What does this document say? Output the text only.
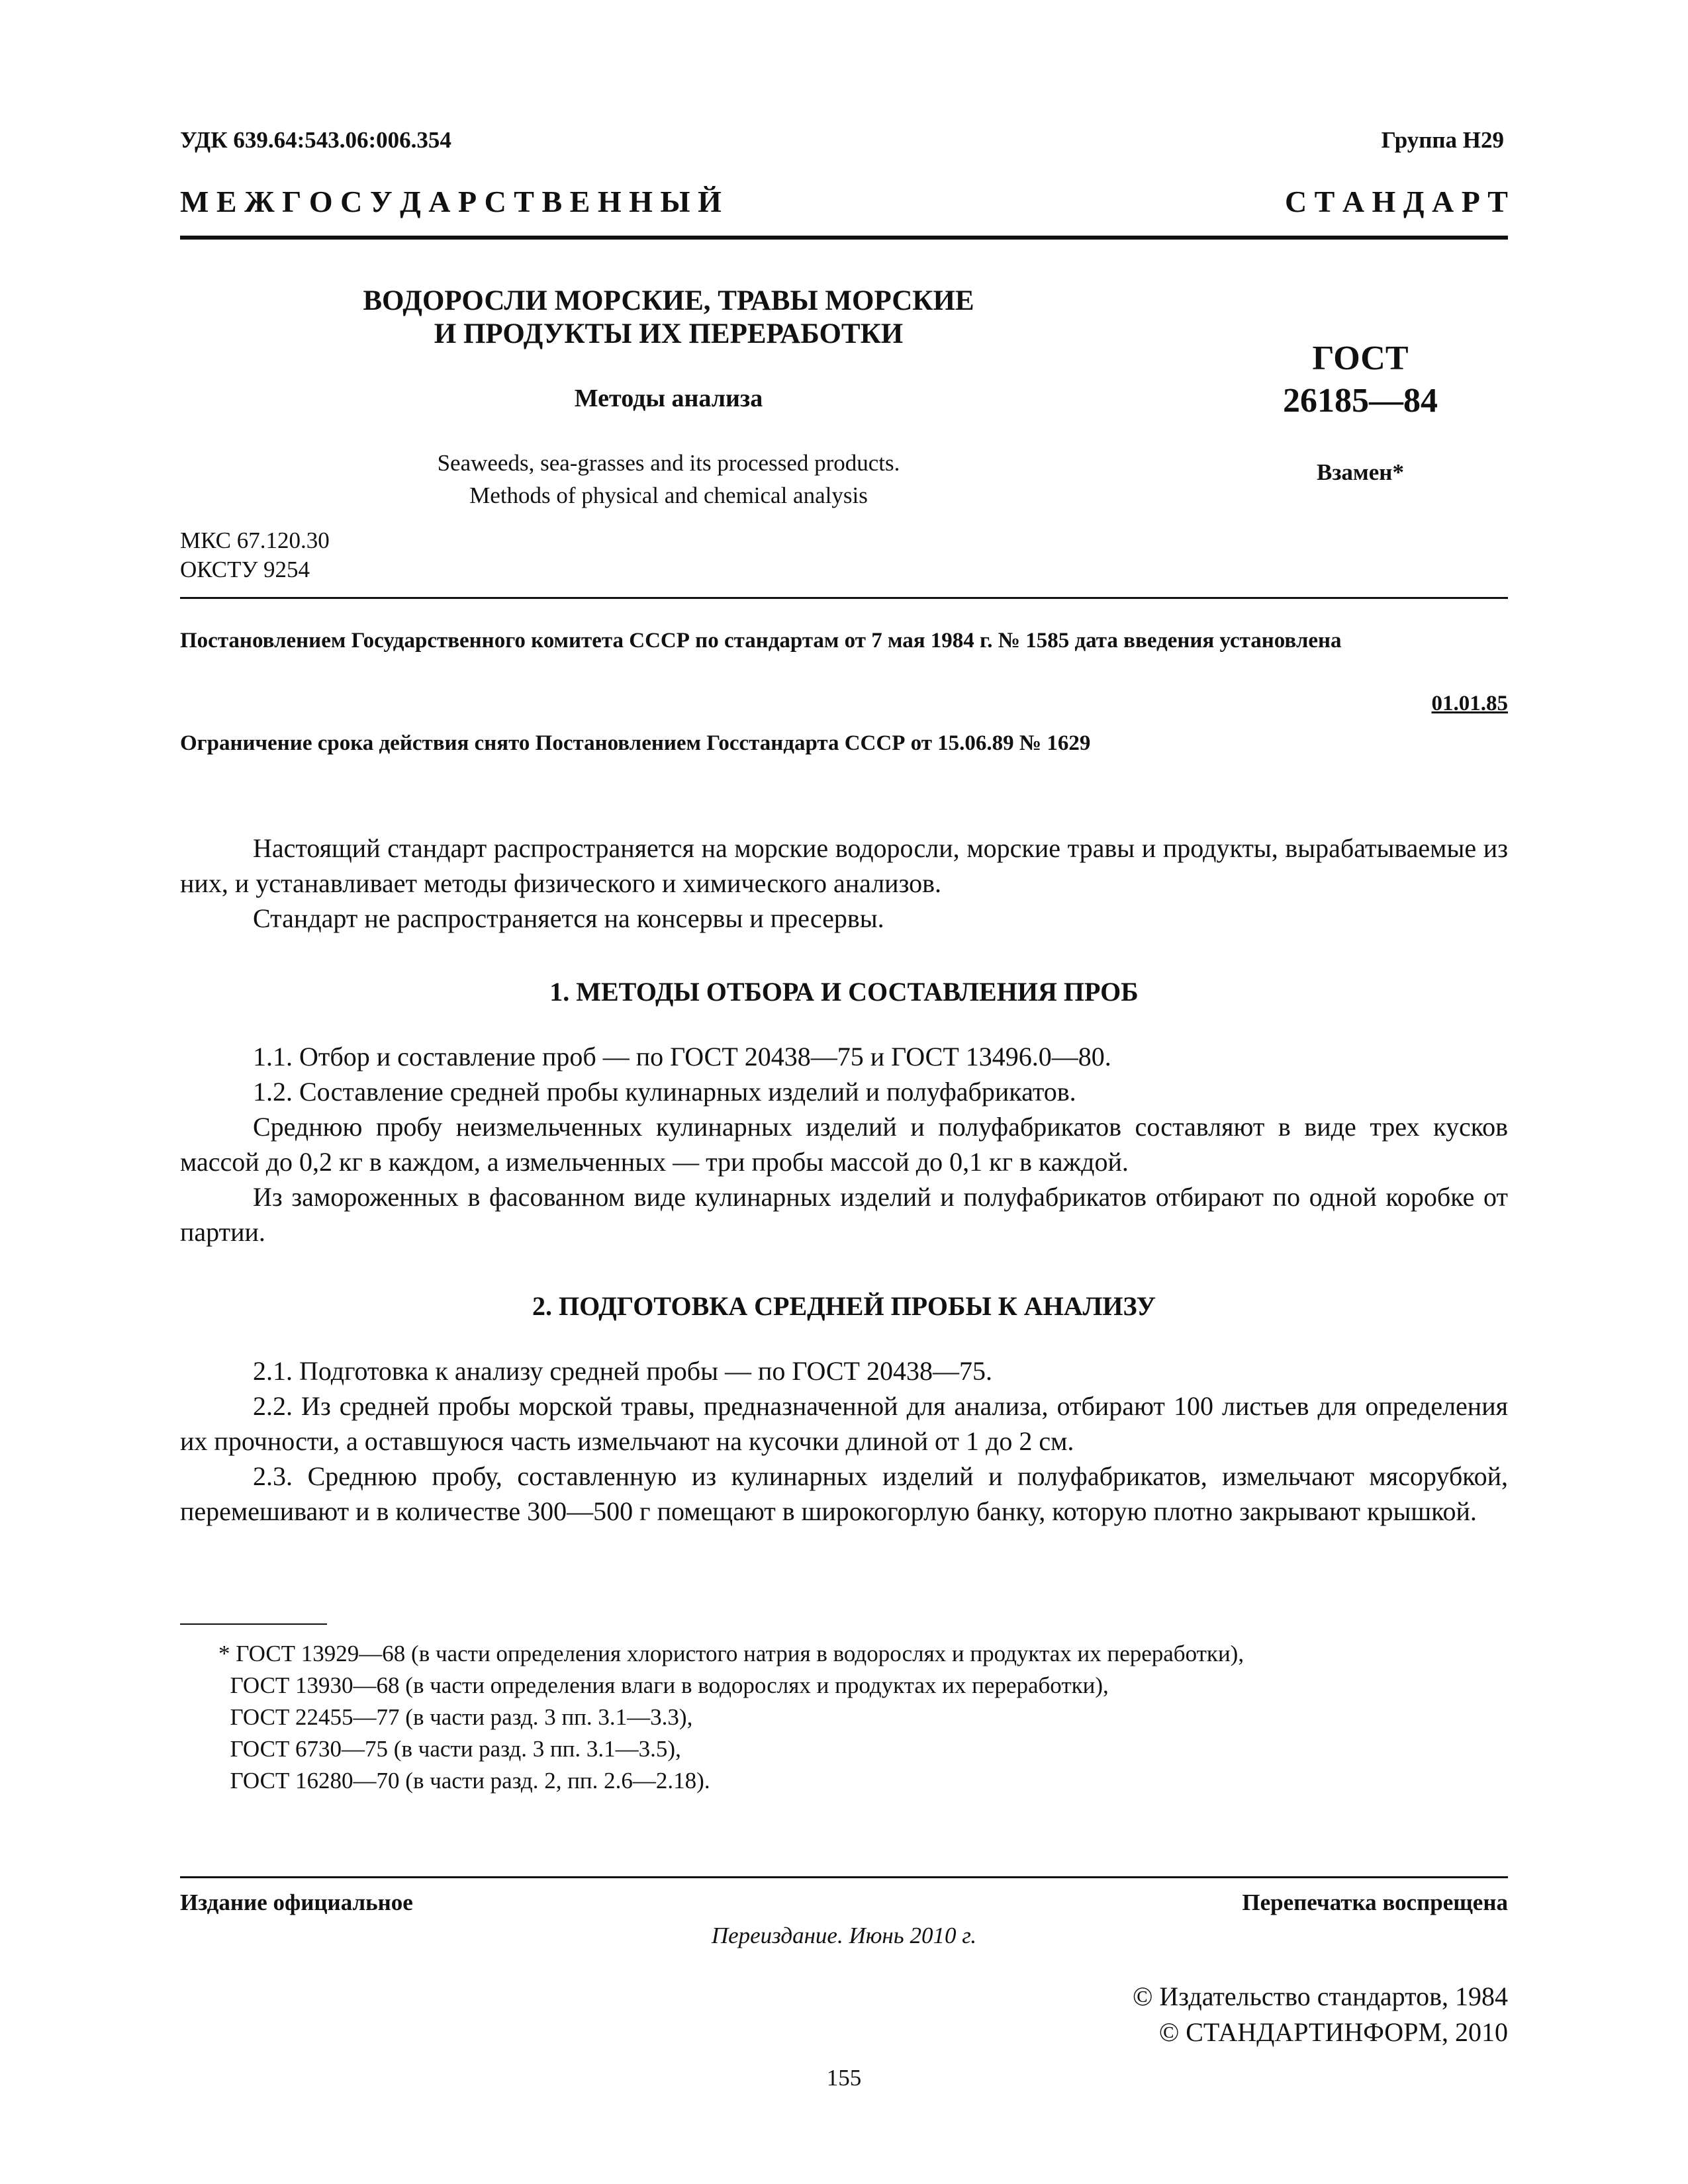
УДК 639.64:543.06:006.354	Группа Н29
М Е Ж Г О С У Д А Р С Т В Е Н Н Ы Й	С Т А Н Д А Р Т
ВОДОРОСЛИ МОРСКИЕ, ТРАВЫ МОРСКИЕ
И ПРОДУКТЫ ИХ ПЕРЕРАБОТКИ
Методы анализа
Seaweeds, sea-grasses and its processed products.
Methods of physical and chemical analysis
ГОСТ
26185—84
Взамен*
МКС 67.120.30
ОКСТУ 9254
Постановлением Государственного комитета СССР по стандартам от 7 мая 1984 г. № 1585 дата введения установлена
01.01.85
Ограничение срока действия снято Постановлением Госстандарта СССР от 15.06.89 № 1629

Настоящий стандарт распространяется на морские водоросли, морские травы и продукты, вырабатываемые из них, и устанавливает методы физического и химического анализов.

Стандарт не распространяется на консервы и пресервы.

1. МЕТОДЫ ОТБОРА И СОСТАВЛЕНИЯ ПРОБ

1.1. Отбор и составление проб — по ГОСТ 20438—75 и ГОСТ 13496.0—80.

1.2. Составление средней пробы кулинарных изделий и полуфабрикатов.

Среднюю пробу неизмельченных кулинарных изделий и полуфабрикатов составляют в виде трех кусков массой до 0,2 кг в каждом, а измельченных — три пробы массой до 0,1 кг в каждой.

Из замороженных в фасованном виде кулинарных изделий и полуфабрикатов отбирают по одной коробке от партии.

2. ПОДГОТОВКА СРЕДНЕЙ ПРОБЫ К АНАЛИЗУ

2.1. Подготовка к анализу средней пробы — по ГОСТ 20438—75.

2.2. Из средней пробы морской травы, предназначенной для анализа, отбирают 100 листьев для определения их прочности, а оставшуюся часть измельчают на кусочки длиной от 1 до 2 см.

2.3. Среднюю пробу, составленную из кулинарных изделий и полуфабрикатов, измельчают мясорубкой, перемешивают и в количестве 300—500 г помещают в широкогорлую банку, которую плотно закрывают крышкой.

* ГОСТ 13929—68 (в части определения хлористого натрия в водорослях и продуктах их переработки),
ГОСТ 13930—68 (в части определения влаги в водорослях и продуктах их переработки),
ГОСТ 22455—77 (в части разд. 3 пп. 3.1—3.3),
ГОСТ 6730—75 (в части разд. 3 пп. 3.1—3.5),
ГОСТ 16280—70 (в части разд. 2, пп. 2.6—2.18).
Издание официальное	Перепечатка воспрещена
Переиздание. Июнь 2010 г.
© Издательство стандартов, 1984
© СТАНДАРТИНФОРМ, 2010
155
